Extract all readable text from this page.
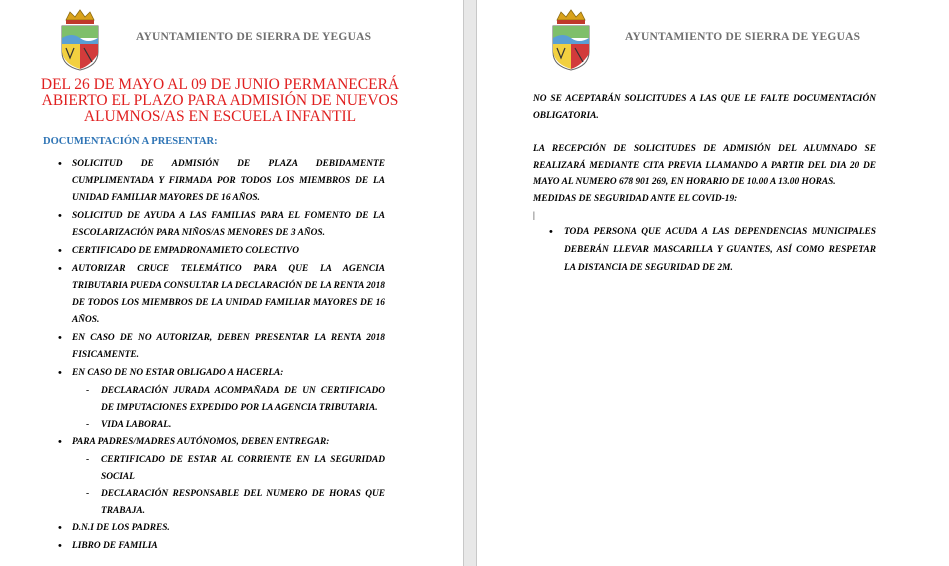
AYUNTAMIENTO DE SIERRA DE YEGUAS
DEL 26 DE MAYO AL 09 DE JUNIO PERMANECERÁ
ABIERTO EL PLAZO PARA ADMISIÓN DE NUEVOS
ALUMNOS/AS EN ESCUELA INFANTIL
DOCUMENTACIÓN A PRESENTAR:
• SOLICITUD DE ADMISIÓN DE PLAZA DEBIDAMENTE CUMPLIMENTADA Y FIRMADA POR TODOS LOS MIEMBROS DE LA UNIDAD FAMILIAR MAYORES DE 16 AÑOS.
• SOLICITUD DE AYUDA A LAS FAMILIAS PARA EL FOMENTO DE LA ESCOLARIZACIÓN PARA NIÑOS/AS MENORES DE 3 AÑOS.
• CERTIFICADO DE EMPADRONAMIETO COLECTIVO
• AUTORIZAR CRUCE TELEMÁTICO PARA QUE LA AGENCIA TRIBUTARIA PUEDA CONSULTAR LA DECLARACIÓN DE LA RENTA 2018 DE TODOS LOS MIEMBROS DE LA UNIDAD FAMILIAR MAYORES DE 16 AÑOS.
• EN CASO DE NO AUTORIZAR, DEBEN PRESENTAR LA RENTA 2018 FISICAMENTE.
• EN CASO DE NO ESTAR OBLIGADO A HACERLA:
- DECLARACIÓN JURADA ACOMPAÑADA DE UN CERTIFICADO DE IMPUTACIONES EXPEDIDO POR LA AGENCIA TRIBUTARIA.
- VIDA LABORAL.
• PARA PADRES/MADRES AUTÓNOMOS, DEBEN ENTREGAR:
- CERTIFICADO DE ESTAR AL CORRIENTE EN LA SEGURIDAD SOCIAL
- DECLARACIÓN RESPONSABLE DEL NUMERO DE HORAS QUE TRABAJA.
• D.N.I DE LOS PADRES.
• LIBRO DE FAMILIA
AYUNTAMIENTO DE SIERRA DE YEGUAS
NO SE ACEPTARÁN SOLICITUDES A LAS QUE LE FALTE DOCUMENTACIÓN OBLIGATORIA.
LA RECEPCIÓN DE SOLICITUDES DE ADMISIÓN DEL ALUMNADO SE REALIZARÁ MEDIANTE CITA PREVIA LLAMANDO A PARTIR DEL DIA 20 DE MAYO AL NUMERO 678 901 269, EN HORARIO DE 10.00 A 13.00 HORAS.
MEDIDAS DE SEGURIDAD ANTE EL COVID-19:
|
• TODA PERSONA QUE ACUDA A LAS DEPENDENCIAS MUNICIPALES DEBERÁN LLEVAR MASCARILLA Y GUANTES, ASÍ COMO RESPETAR LA DISTANCIA DE SEGURIDAD DE 2M.
